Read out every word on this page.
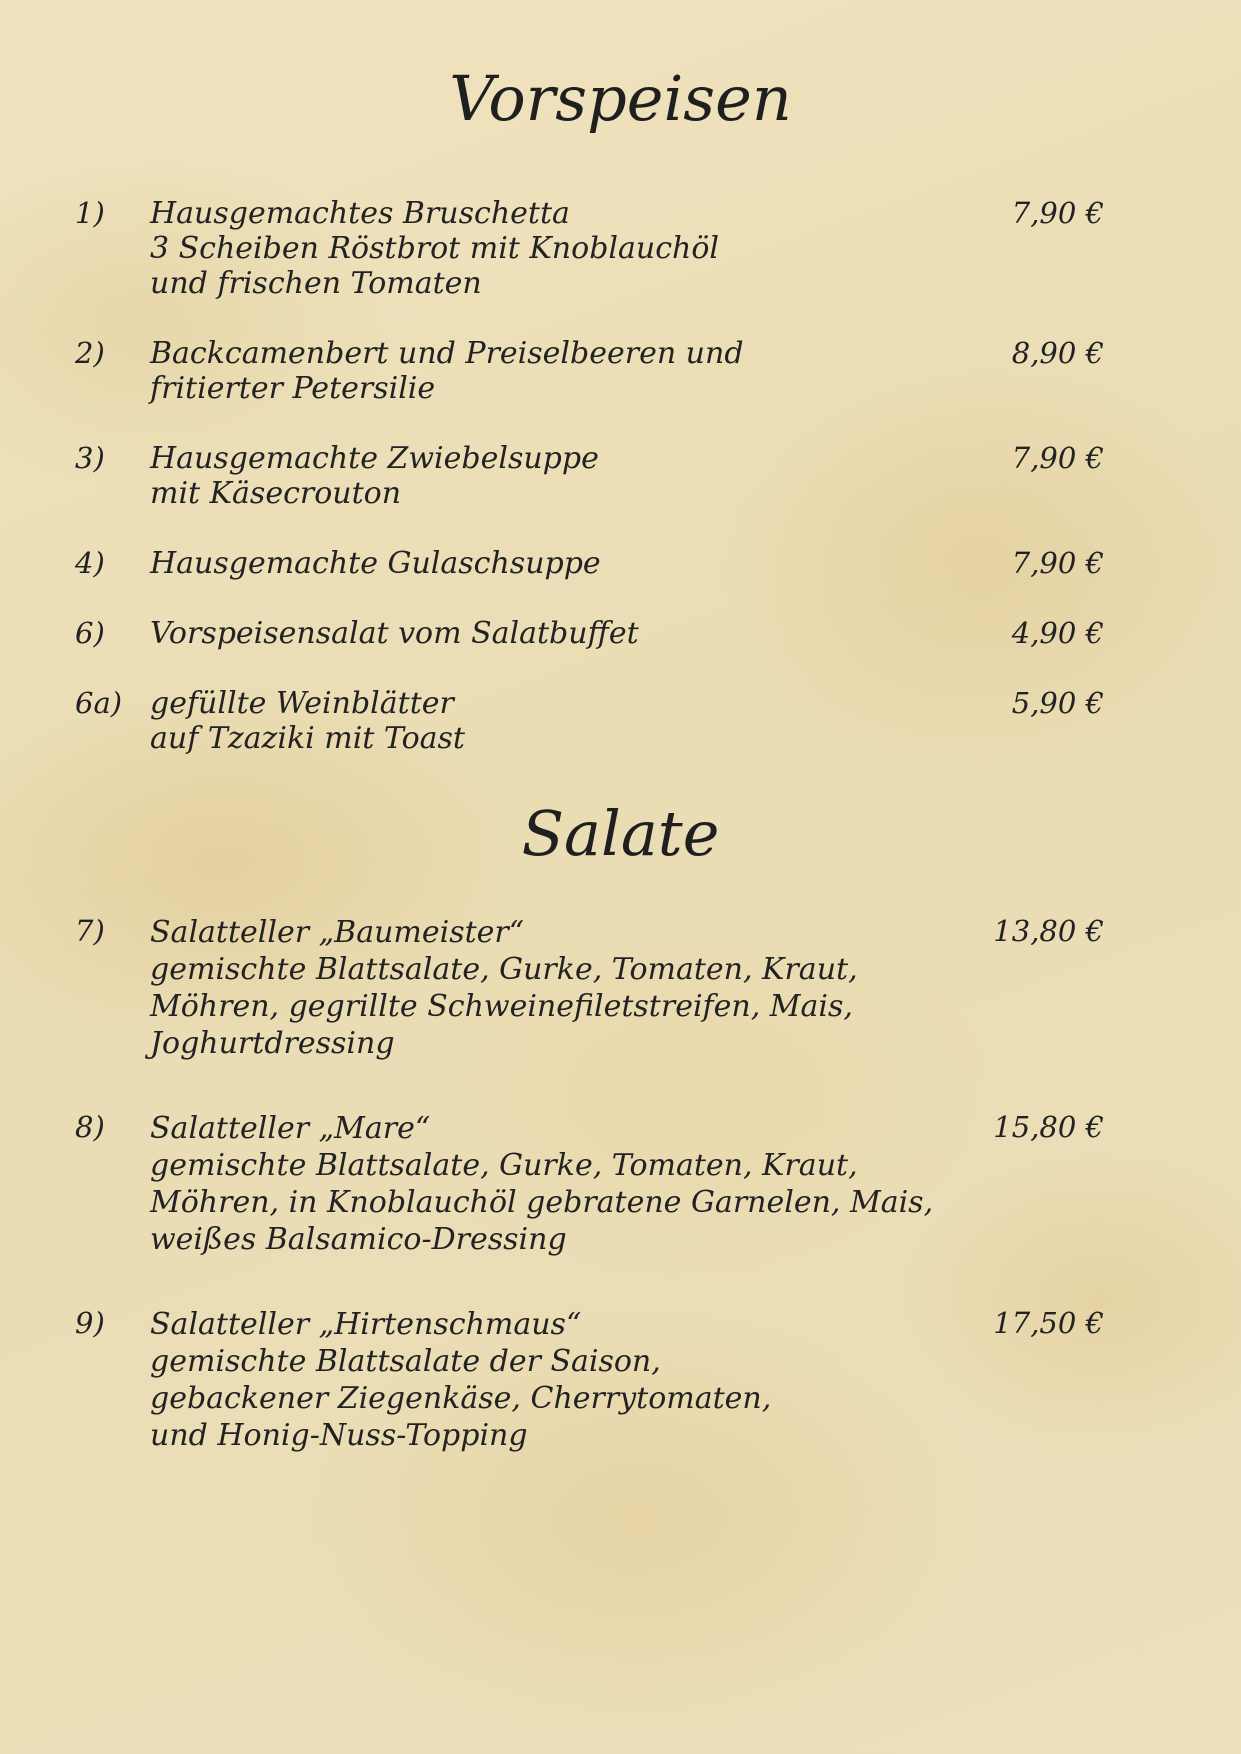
Vorspeisen
1) Hausgemachtes Bruschetta
3 Scheiben Röstbrot mit Knoblauchöl
und frischen Tomaten
7,90 €
2) Backcamenbert und Preiselbeeren und
fritierter Petersilie
8,90 €
3) Hausgemachte Zwiebelsuppe
mit Käsecrouton
7,90 €
4) Hausgemachte Gulaschsuppe	7,90 €
6) Vorspeisensalat vom Salatbuffet	4,90 €
6a) gefüllte Weinblätter
auf Tzaziki mit Toast
5,90 €
Salate
7) Salatteller „Baumeister“
gemischte Blattsalate, Gurke, Tomaten, Kraut,
Möhren, gegrillte Schweinefiletstreifen, Mais,
Joghurtdressing
13,80 €
8) Salatteller „Mare“
gemischte Blattsalate, Gurke, Tomaten, Kraut,
Möhren, in Knoblauchöl gebratene Garnelen, Mais,
weißes Balsamico-Dressing
15,80 €
9) Salatteller „Hirtenschmaus“
gemischte Blattsalate der Saison,
gebackener Ziegenkäse, Cherrytomaten,
und Honig-Nuss-Topping
17,50 €
